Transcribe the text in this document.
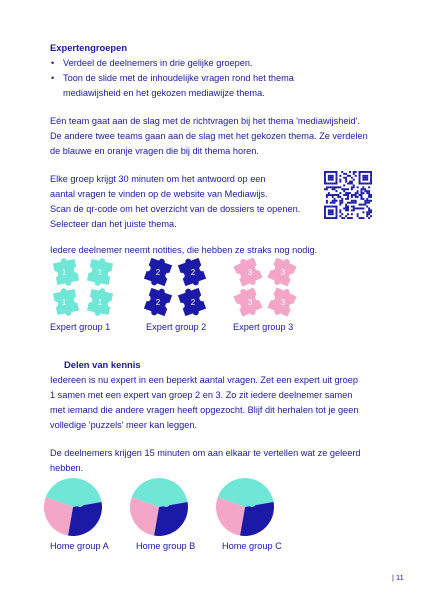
Expertengroepen
• Verdeel de deelnemers in drie gelijke groepen.
• Toon de slide met de inhoudelijke vragen rond het thema mediawijsheid en het gekozen mediawijze thema.
Eén team gaat aan de slag met de richtvragen bij het thema 'mediawijsheid'. De andere twee teams gaan aan de slag met het gekozen thema. Ze verdelen de blauwe en oranje vragen die bij dit thema horen.
Elke groep krijgt 30 minuten om het antwoord op een
aantal vragen te vinden op de website van Mediawijs.
Scan de qr-code om het overzicht van de dossiers te openen.
Selecteer dan het juiste thema.
Iedere deelnemer neemt notities, die hebben ze straks nog nodig.
1	1
1	1
2	2
2	2
3	3
3	3
Expert group 1	Expert group 2	Expert group 3
Delen van kennis
Iedereen is nu expert in een beperkt aantal vragen. Zet een expert uit groep 1 samen met een expert van groep 2 en 3. Zo zit iedere deelnemer samen met iemand die andere vragen heeft opgezocht. Blijf dit herhalen tot je geen volledige 'puzzels' meer kan leggen.
De deelnemers krijgen 15 minuten om aan elkaar te vertellen wat ze geleerd hebben.
Home group A	Home group B	Home group C
| 11
